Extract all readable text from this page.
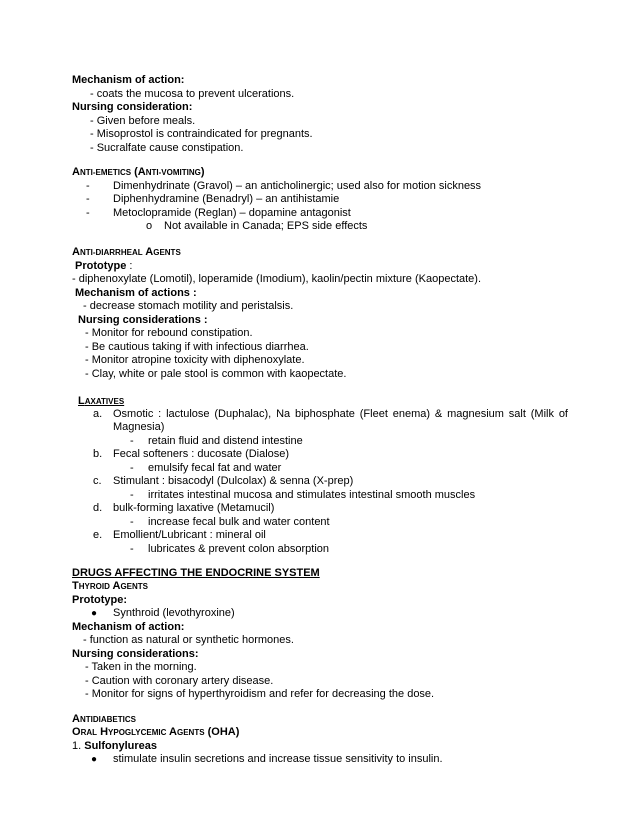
Mechanism of action:
- coats the mucosa to prevent ulcerations.
Nursing consideration:
- Given before meals.
- Misoprostol is contraindicated for pregnants.
- Sucralfate cause constipation.
ANTI-EMETICS (ANTI-VOMITING)
- Dimenhydrinate (Gravol) – an anticholinergic; used also for motion sickness
- Diphenhydramine (Benadryl) – an antihistamie
- Metoclopramide (Reglan) – dopamine antagonist
o Not available in Canada; EPS side effects
ANTI-DIARRHEAL AGENTS
Prototype :
- diphenoxylate (Lomotil), loperamide (Imodium), kaolin/pectin mixture (Kaopectate).
Mechanism of actions :
- decrease stomach motility and peristalsis.
Nursing considerations :
- Monitor for rebound constipation.
- Be cautious taking if with infectious diarrhea.
- Monitor atropine toxicity with diphenoxylate.
- Clay, white or pale stool is common with kaopectate.
LAXATIVES
a. Osmotic : lactulose (Duphalac), Na biphosphate (Fleet enema) & magnesium salt (Milk of
Magnesia)
- retain fluid and distend intestine
b. Fecal softeners : ducosate (Dialose)
- emulsify fecal fat and water
c. Stimulant : bisacodyl (Dulcolax) & senna (X-prep)
- irritates intestinal mucosa and stimulates intestinal smooth muscles
d. bulk-forming laxative (Metamucil)
- increase fecal bulk and water content
e. Emollient/Lubricant : mineral oil
- lubricates & prevent colon absorption
DRUGS AFFECTING THE ENDOCRINE SYSTEM
THYROID AGENTS
Prototype:
● Synthroid (levothyroxine)
Mechanism of action:
- function as natural or synthetic hormones.
Nursing considerations:
- Taken in the morning.
- Caution with coronary artery disease.
- Monitor for signs of hyperthyroidism and refer for decreasing the dose.
ANTIDIABETICS
ORAL HYPOGLYCEMIC AGENTS (OHA)
1. Sulfonylureas
● stimulate insulin secretions and increase tissue sensitivity to insulin.
